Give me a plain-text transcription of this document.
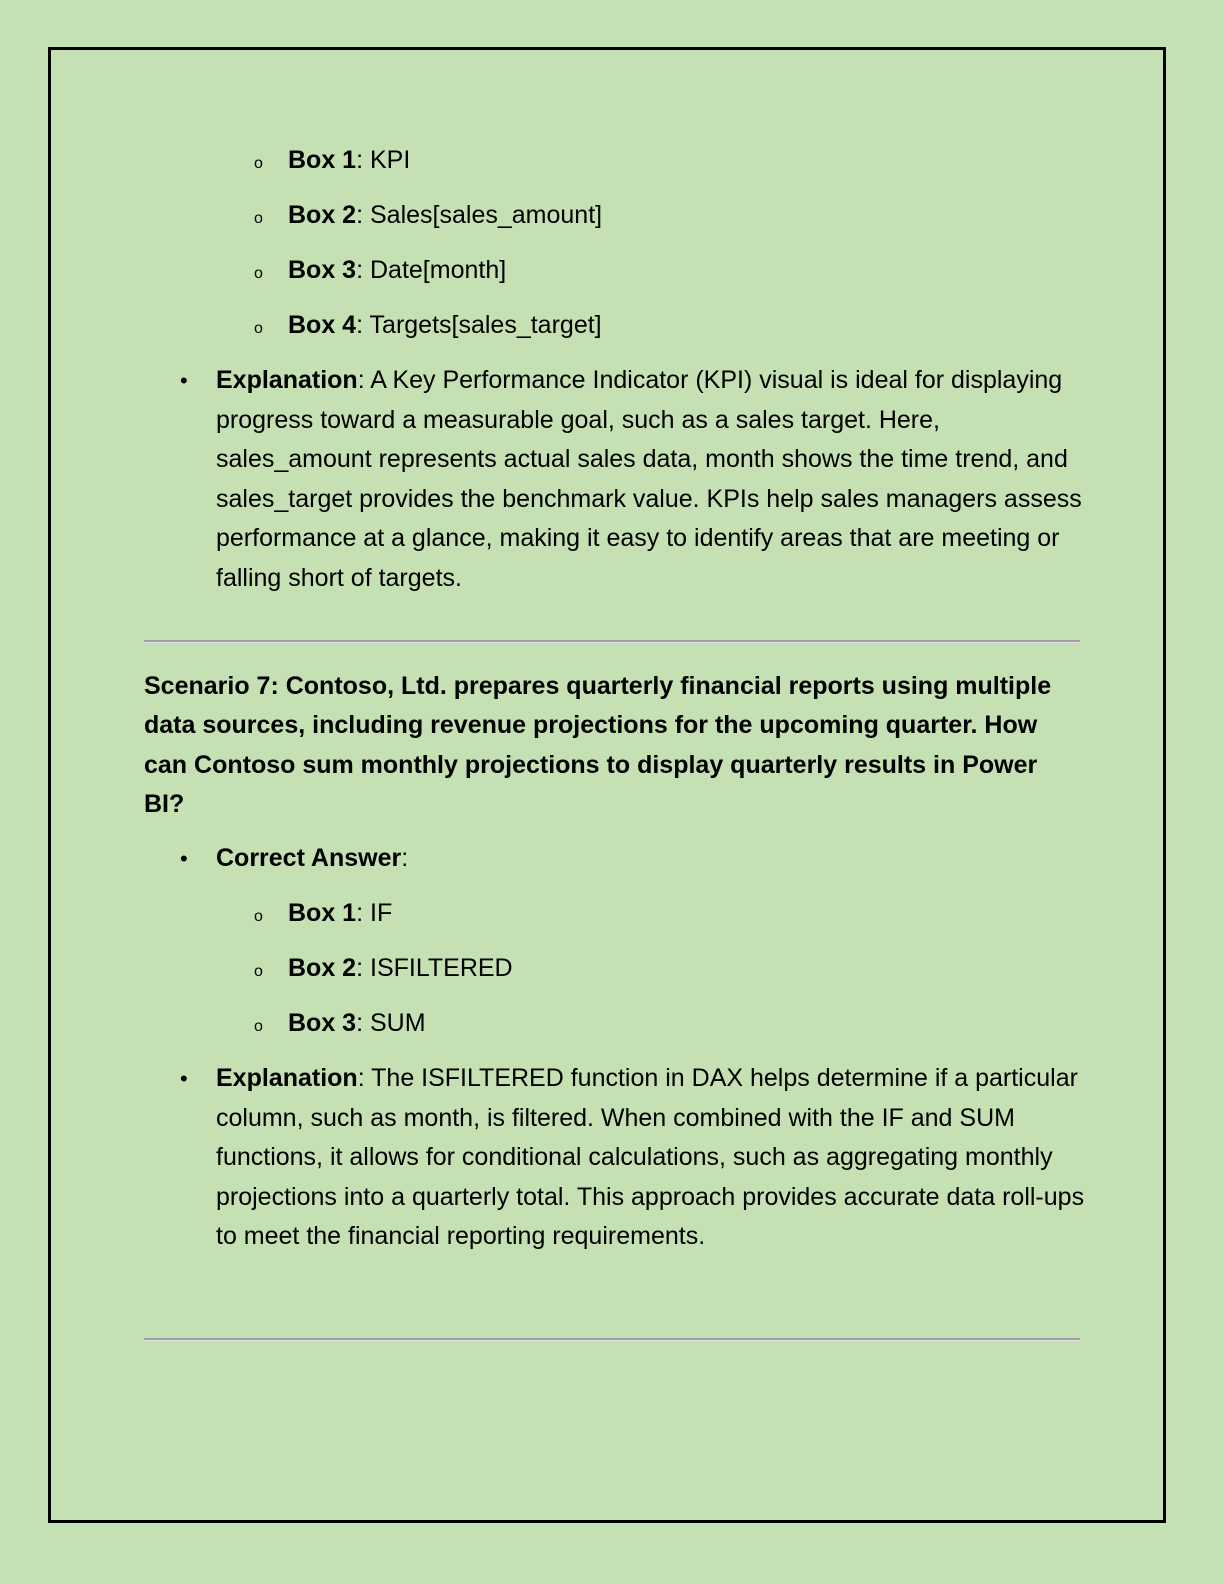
o Box 1: KPI
o Box 2: Sales[sales_amount]
o Box 3: Date[month]
o Box 4: Targets[sales_target]
• Explanation: A Key Performance Indicator (KPI) visual is ideal for displaying progress toward a measurable goal, such as a sales target. Here, sales_amount represents actual sales data, month shows the time trend, and sales_target provides the benchmark value. KPIs help sales managers assess performance at a glance, making it easy to identify areas that are meeting or falling short of targets.
Scenario 7: Contoso, Ltd. prepares quarterly financial reports using multiple data sources, including revenue projections for the upcoming quarter. How can Contoso sum monthly projections to display quarterly results in Power BI?
• Correct Answer:
o Box 1: IF
o Box 2: ISFILTERED
o Box 3: SUM
• Explanation: The ISFILTERED function in DAX helps determine if a particular column, such as month, is filtered. When combined with the IF and SUM functions, it allows for conditional calculations, such as aggregating monthly projections into a quarterly total. This approach provides accurate data roll-ups to meet the financial reporting requirements.
